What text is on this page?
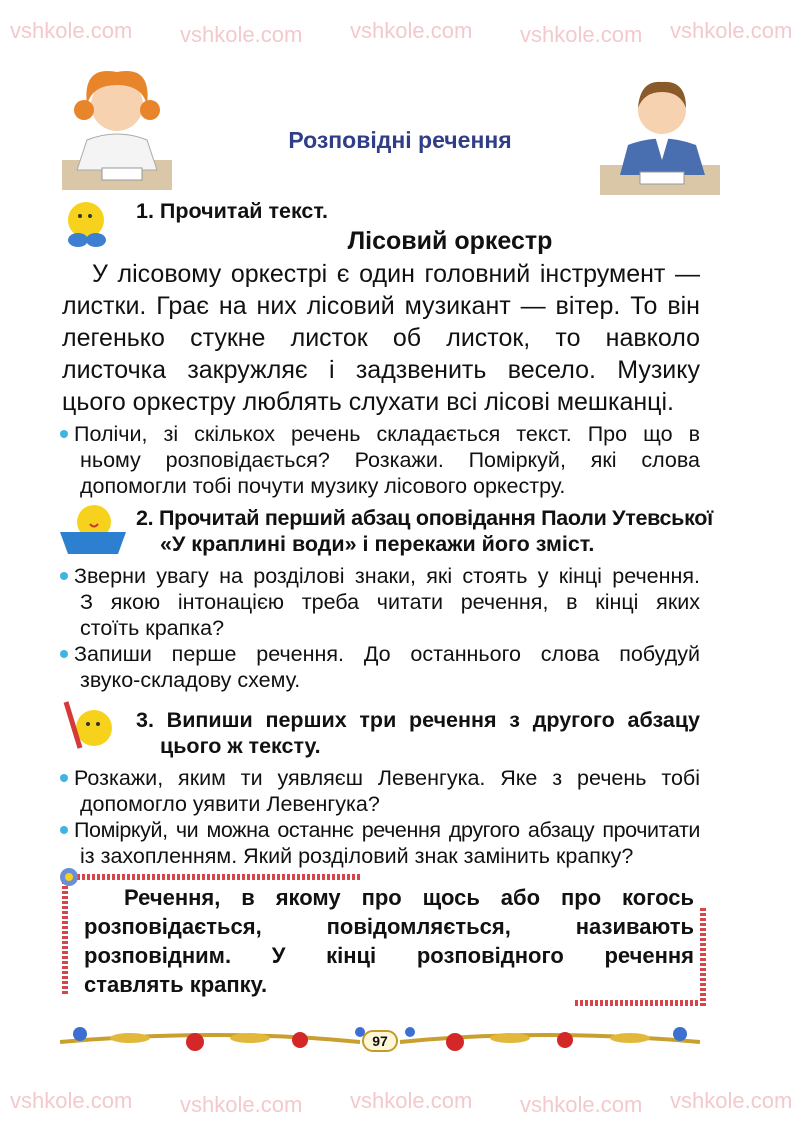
vshkole.com vshkole.com vshkole.com vshkole.com vshkole.com
vshkole.com vshkole.com vshkole.com vshkole.com vshkole.com
Розповідні речення
1. Прочитай текст.
Лісовий оркестр
У лісовому оркестрі є один головний інструмент —
листки. Грає на них лісовий музикант — вітер. То він
легенько стукне листок об листок, то навколо
листочка закружляє і задзвенить весело. Музику
цього оркестру люблять слухати всі лісові мешканці.
Полічи, зі скількох речень складається текст. Про що в
ньому розповідається? Розкажи. Поміркуй, які слова
допомогли тобі почути музику лісового оркестру.
2. Прочитай перший абзац оповідання Паоли Утевської
«У краплині води» і перекажи його зміст.
Зверни увагу на розділові знаки, які стоять у кінці речення.
З якою інтонацією треба читати речення, в кінці яких
стоїть крапка?
Запиши перше речення. До останнього слова побудуй
звуко-складову схему.
3. Випиши перших три речення з другого абзацу
цього ж тексту.
Розкажи, яким ти уявляєш Левенгука. Яке з речень тобі
допомогло уявити Левенгука?
Поміркуй, чи можна останнє речення другого абзацу прочитати
із захопленням. Який розділовий знак замінить крапку?
Речення, в якому про щось або про когось
розповідається, повідомляється, називають
розповідним. У кінці розповідного речення
ставлять крапку.
97
